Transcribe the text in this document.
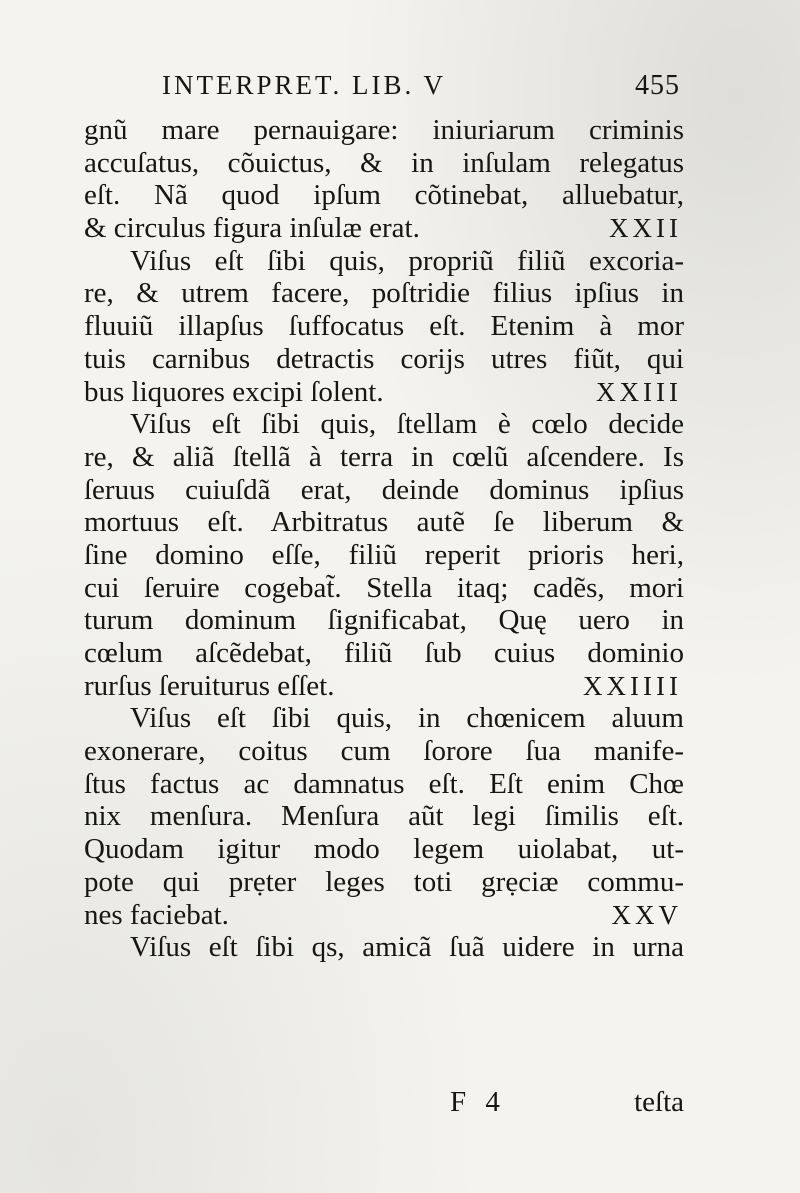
INTERPRET. LIB. V	455
gnũ mare pernauigare: iniuriarum criminis
accuſatus, cõuictus, & in inſulam relegatus
eſt. Nã quod ipſum cõtinebat, alluebatur,
& circulus figura inſulæ erat.	XXII
Viſus eſt ſibi quis, propriũ filiũ excoria-
re, & utrem facere, poſtridie filius ipſius in
fluuiũ illapſus ſuffocatus eſt. Etenim à mor
tuis carnibus detractis corijs utres fiũt, qui
bus liquores excipi ſolent.	XXIII
Viſus eſt ſibi quis, ſtellam è cœlo decide
re, & aliã ſtellã à terra in cœlũ aſcendere. Is
ſeruus cuiuſdã erat, deinde dominus ipſius
mortuus eſt. Arbitratus autẽ ſe liberum &
ſine domino eſſe, filiũ reperit prioris heri,
cui ſeruire cogebat̃. Stella itaq; cadẽs, mori
turum dominum ſignificabat, Quę uero in
cœlum aſcẽdebat, filiũ ſub cuius dominio
rurſus ſeruiturus eſſet.	XXIIII
Viſus eſt ſibi quis, in chœnicem aluum
exonerare, coitus cum ſorore ſua manife-
ſtus factus ac damnatus eſt. Eſt enim Chœ
nix menſura. Menſura aũt legi ſimilis eſt.
Quodam igitur modo legem uiolabat, ut-
pote qui prẹter leges toti grẹciæ commu-
nes faciebat.	XXV
Viſus eſt ſibi qs, amicã ſuã uidere in urna
F 4	teſta
